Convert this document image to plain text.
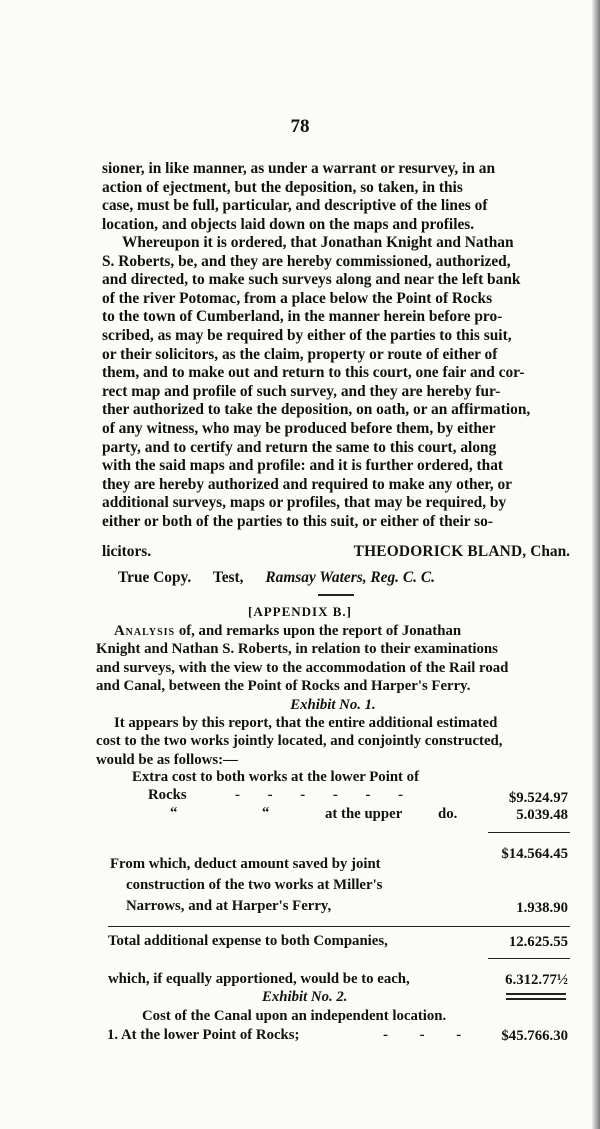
78

sioner, in like manner, as under a warrant or resurvey, in an
action of ejectment, but the deposition, so taken, in this
case, must be full, particular, and descriptive of the lines of
location, and objects laid down on the maps and profiles.

Whereupon it is ordered, that Jonathan Knight and Nathan
S. Roberts, be, and they are hereby commissioned, authorized,
and directed, to make such surveys along and near the left bank
of the river Potomac, from a place below the Point of Rocks
to the town of Cumberland, in the manner herein before pro-
scribed, as may be required by either of the parties to this suit,
or their solicitors, as the claim, property or route of either of
them, and to make out and return to this court, one fair and cor-
rect map and profile of such survey, and they are hereby fur-
ther authorized to take the deposition, on oath, or an affirmation,
of any witness, who may be produced before them, by either
party, and to certify and return the same to this court, along
with the said maps and profile: and it is further ordered, that
they are hereby authorized and required to make any other, or
additional surveys, maps or profiles, that may be required, by
either or both of the parties to this suit, or either of their so-

licitors.	THEODORICK BLAND, Chan.
True Copy. Test, Ramsay Waters, Reg. C. C.
[APPENDIX B.]
Analysis of, and remarks upon the report of Jonathan
Knight and Nathan S. Roberts, in relation to their examinations
and surveys, with the view to the accommodation of the Rail road
and Canal, between the Point of Rocks and Harper's Ferry.
Exhibit No. 1.
It appears by this report, that the entire additional estimated
cost to the two works jointly located, and conjointly constructed,
would be as follows:—
Extra cost to both works at the lower Point of
Rocks	- - - - - -	$9.524.97
“	“	at the upper do.	5.039.48
$14.564.45
From which, deduct amount saved by joint
construction of the two works at Miller's
Narrows, and at Harper's Ferry,	1.938.90
Total additional expense to both Companies,	12.625.55
which, if equally apportioned, would be to each,	6.312.77½
Exhibit No. 2.
Cost of the Canal upon an independent location.
1. At the lower Point of Rocks;	- - -	$45.766.30
